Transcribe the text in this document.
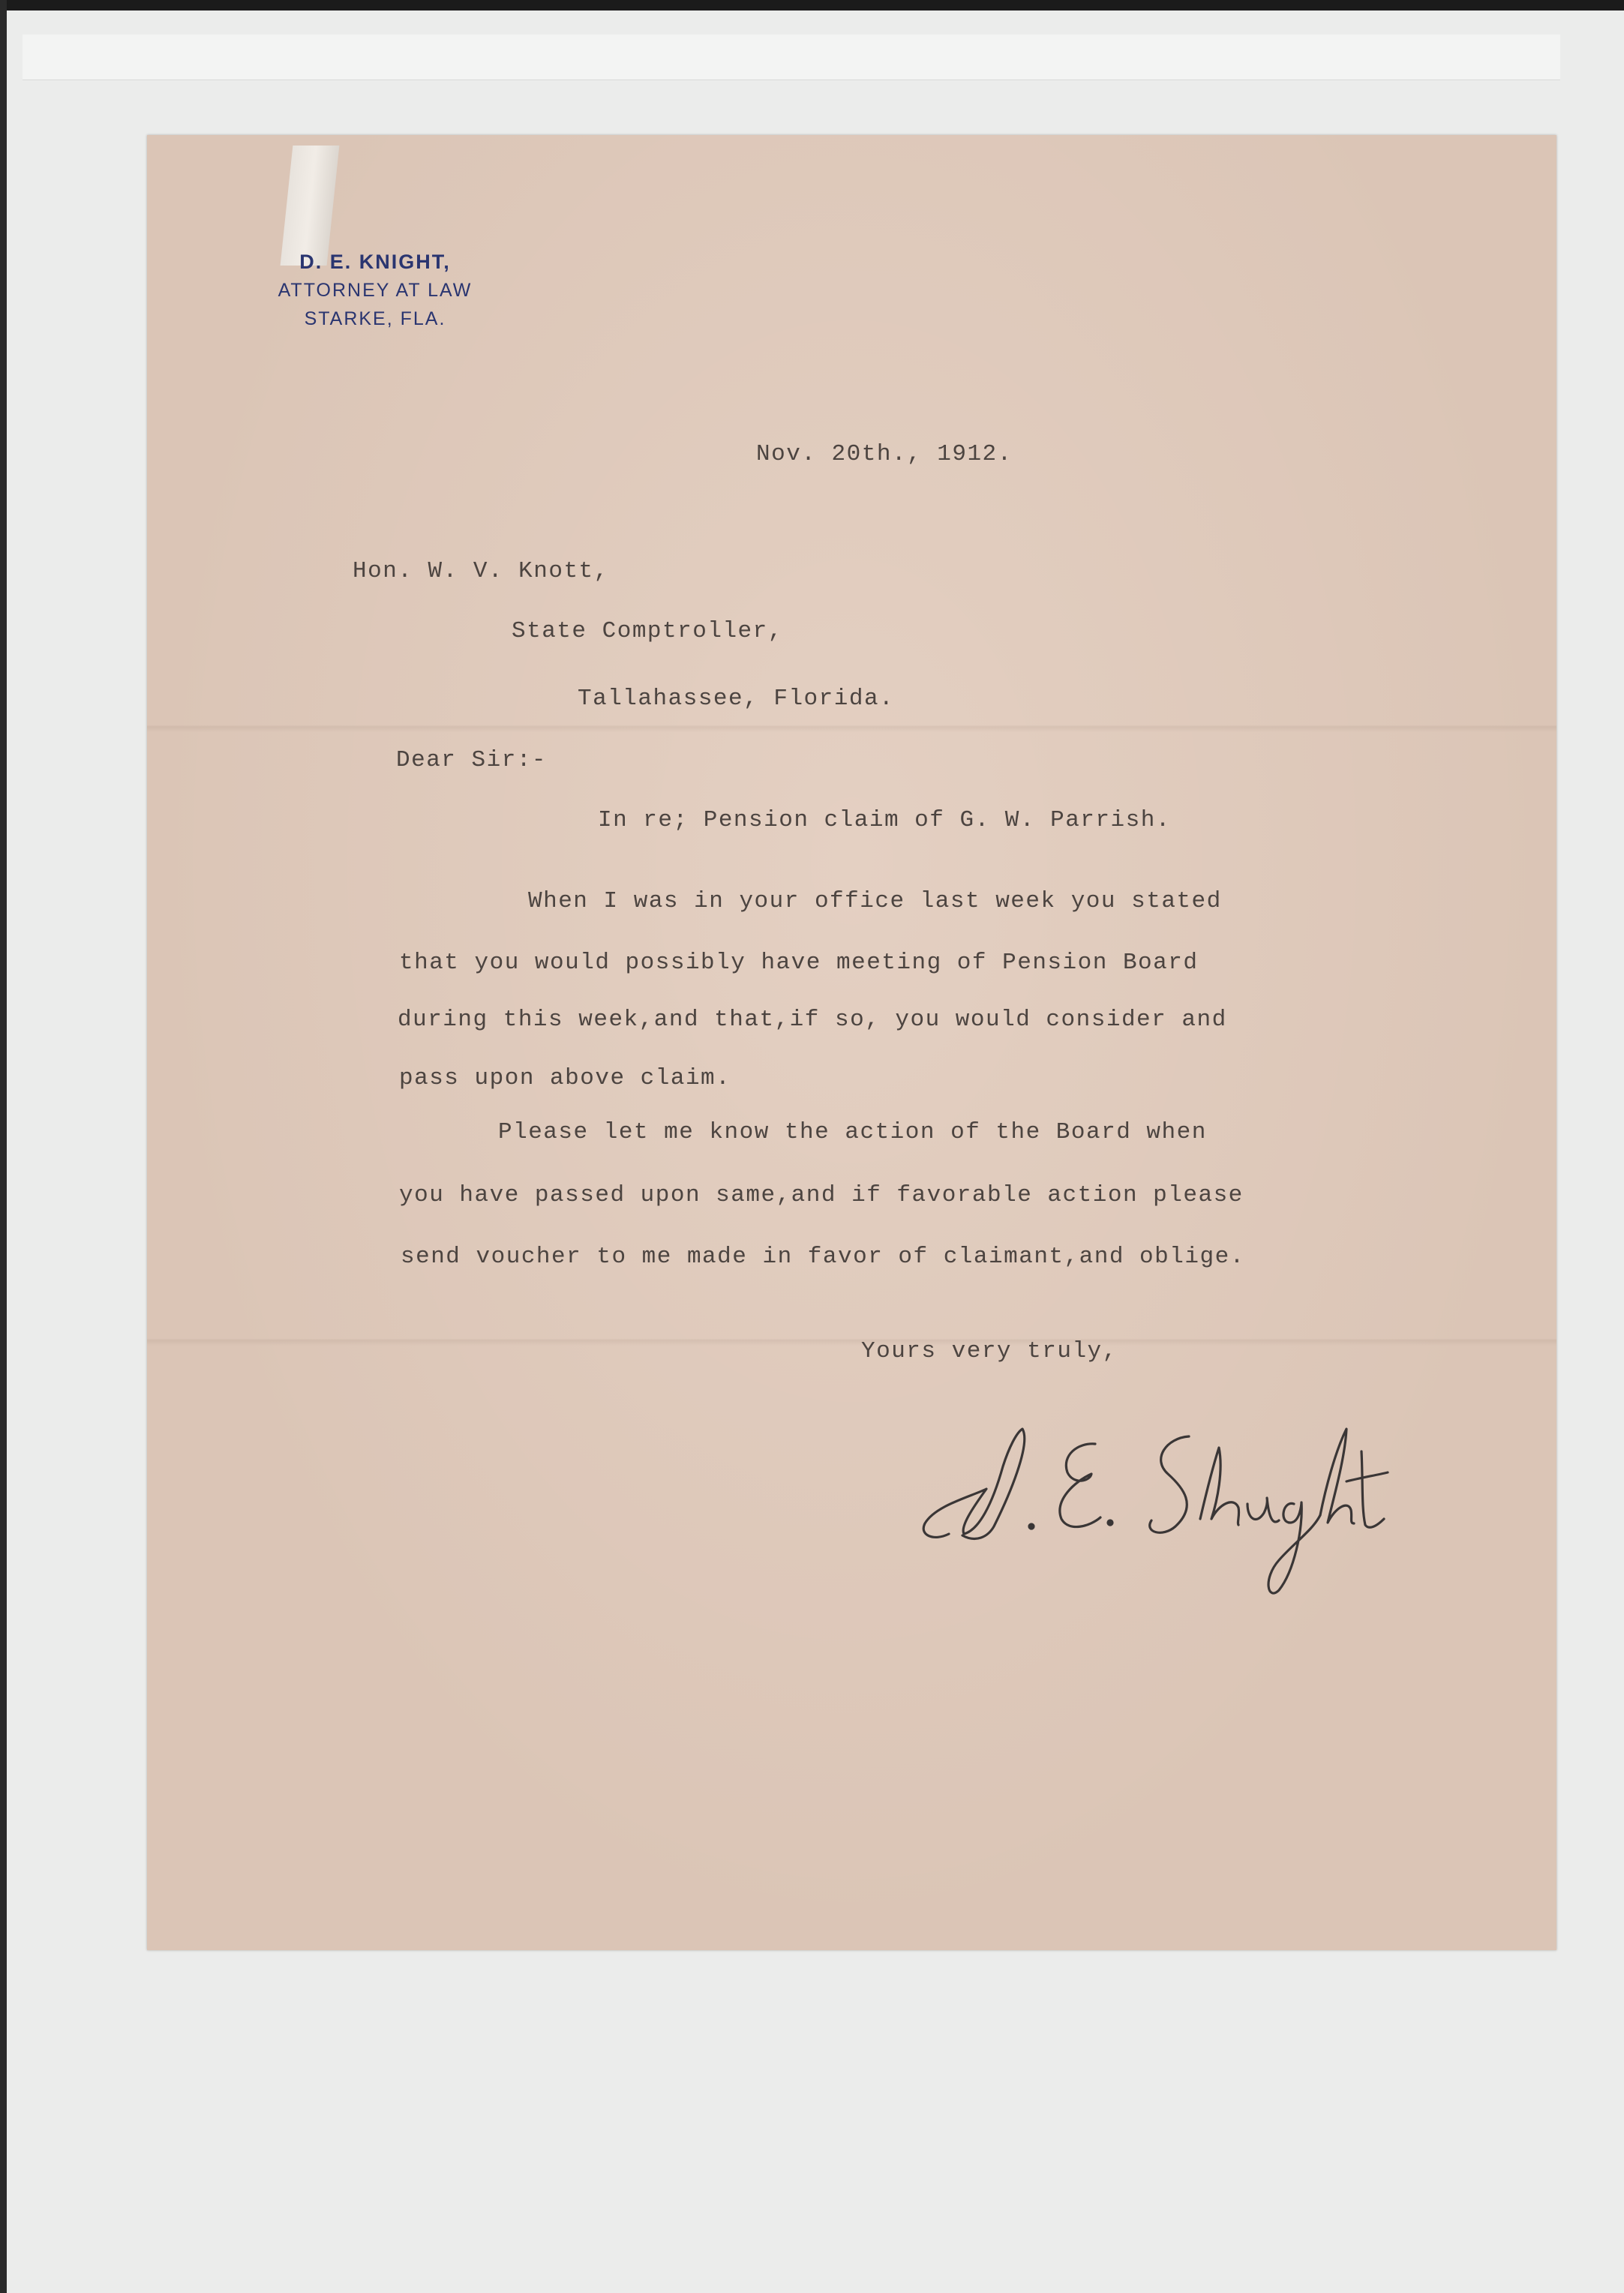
D. E. KNIGHT,
ATTORNEY AT LAW
STARKE, FLA.
Nov. 20th., 1912.
Hon. W. V. Knott,
State Comptroller,
Tallahassee, Florida.
Dear Sir:-
In re; Pension claim of G. W. Parrish.
When I was in your office last week you stated
that you would possibly have meeting of Pension Board
during this week,and that,if so, you would consider and
pass upon above claim.
Please let me know the action of the Board when
you have passed upon same,and if favorable action please
send voucher to me made in favor of claimant,and oblige.
Yours very truly,
